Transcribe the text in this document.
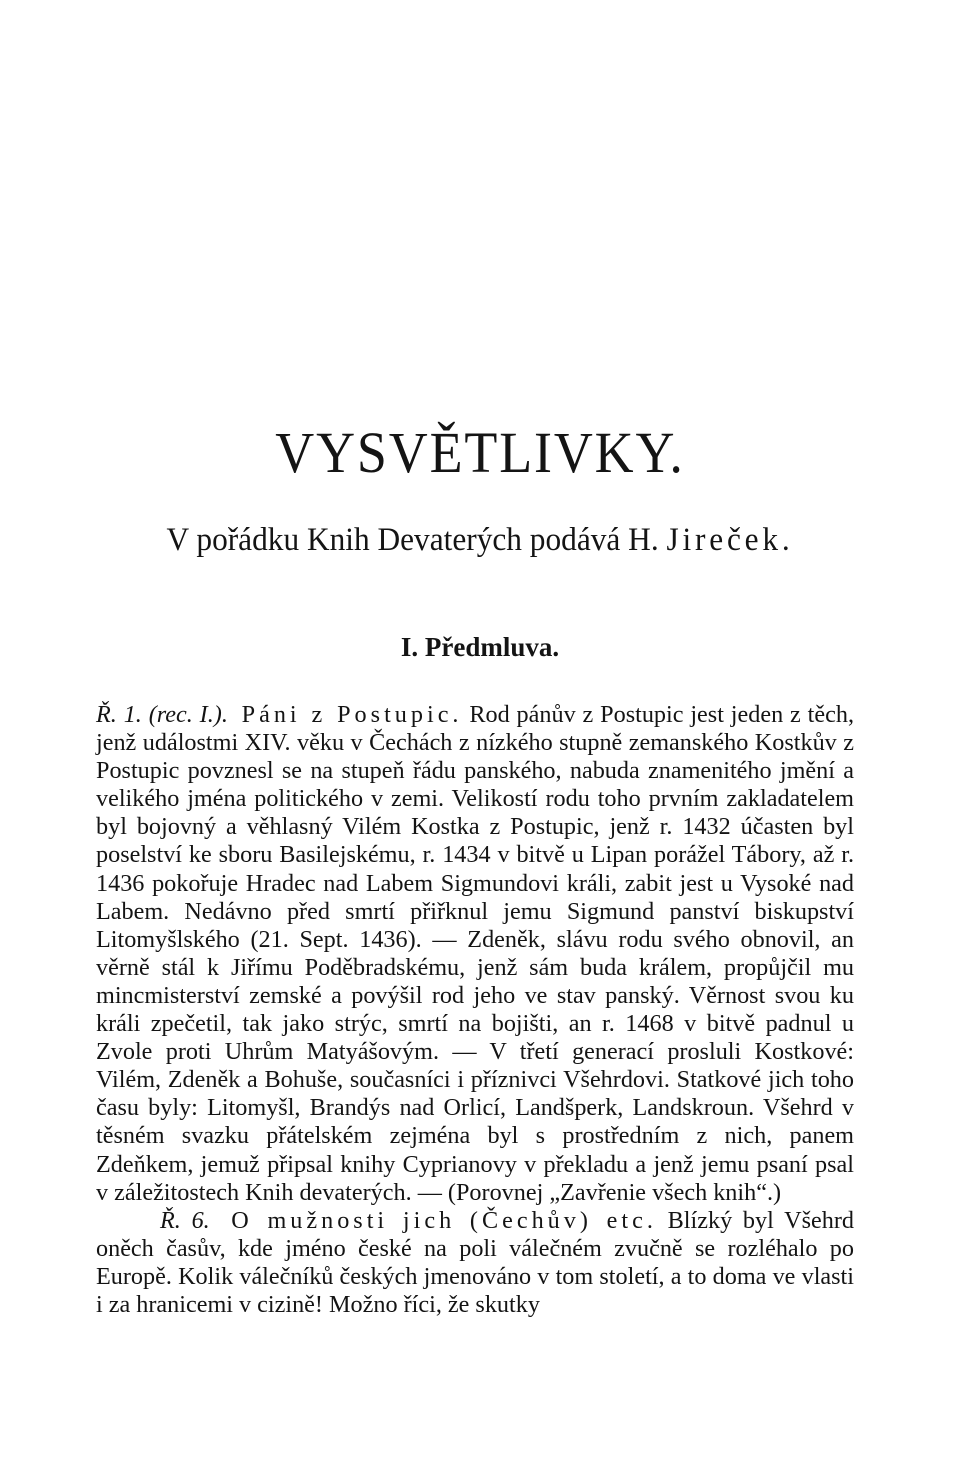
VYSVĚTLIVKY.

V pořádku Knih Devaterých podává H. Jireček.

I. Předmluva.

Ř. 1. (rec. I.). Páni z Postupic. Rod pánův z Postupic jest jeden z těch, jenž událostmi XIV. věku v Čechách z nízkého stupně zemanského Kostkův z Postupic povznesl se na stupeň řádu panského, nabuda znamenitého jmění a velikého jména politického v zemi. Velikostí rodu toho prvním zakladatelem byl bojovný a věhlasný Vilém Kostka z Postupic, jenž r. 1432 účasten byl poselství ke sboru Basilejskému, r. 1434 v bitvě u Lipan porážel Tábory, až r. 1436 pokořuje Hradec nad Labem Sigmundovi králi, zabit jest u Vysoké nad Labem. Nedávno před smrtí přiřknul jemu Sigmund panství biskupství Litomyšlského (21. Sept. 1436). — Zdeněk, slávu rodu svého obnovil, an věrně stál k Jiřímu Poděbradskému, jenž sám buda králem, propůjčil mu mincmisterství zemské a povýšil rod jeho ve stav panský. Věrnost svou ku králi zpečetil, tak jako strýc, smrtí na bojišti, an r. 1468 v bitvě padnul u Zvole proti Uhrům Matyášovým. — V třetí generací prosluli Kostkové: Vilém, Zdeněk a Bohuše, současníci i příznivci Všehrdovi. Statkové jich toho času byly: Litomyšl, Brandýs nad Orlicí, Landšperk, Landskroun. Všehrd v těsném svazku přátelském zejména byl s prostředním z nich, panem Zdeňkem, jemuž připsal knihy Cyprianovy v překladu a jenž jemu psaní psal v záležitostech Knih devaterých. — (Porovnej „Zavřenie všech knih“.)

Ř. 6. O mužnosti jich (Čechův) etc. Blízký byl Všehrd oněch časův, kde jméno české na poli válečném zvučně se rozléhalo po Europě. Kolik válečníků českých jmenováno v tom století, a to doma ve vlasti i za hranicemi v cizině! Možno říci, že skutky
